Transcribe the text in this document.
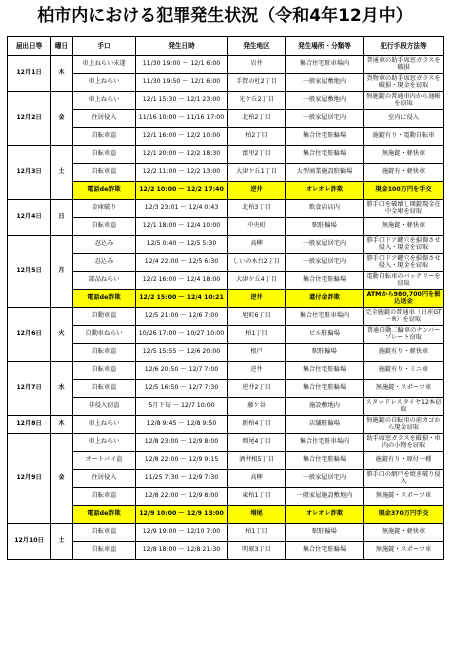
柏市内における犯罪発生状況（令和4年12月中）
届出日等	曜日	手口	発生日時	発生地区	発生場所・分類等	犯行手段方法等
12月1日	木	車上ねらい未遂	11/30 19:00 ～ 12/1 6:00	岩井	集合住宅駐車場内	普通車の助手席窓ガラスを破損

		車上ねらい	11/30 19:50 ～ 12/1 6:00	手賀の杜2丁目	一般家屋敷地内	貨物車の助手席窓ガラスを破損・現金を窃取

12月2日	金	車上ねらい	12/1 15:30 ～ 12/1 23:00	光ケ丘2丁目	一般家屋敷地内	無施錠の普通車内から通帳を窃取

		住居侵入	11/16 10:00 ～ 11/16 17:00	北柏2丁目	一般家屋居宅内	室内に侵入

		自転車盗	12/1 16:00 ～ 12/2 10:00	柏2丁目	集合住宅駐輪場	施錠有り・電動自転車

12月3日	土	自転車盗	12/1 20:00 ～ 12/2 18:30	富里2丁目	集合住宅駐輪場	無施錠・軽快車

		自転車盗	12/2 11:00 ～ 12/2 13:00	大津ケ丘1丁目	大型商業施設駐輪場	施錠有・軽快車

		電話de詐欺	12/2 10:00 ～ 12/2 17:40	逆井	オレオレ詐欺	現金100万円を手交

12月4日	日	金庫破り	12/3 23:01 ～ 12/4 0:43	北柏3丁目	飲食店店内	勝手口を破壊し開錠現金在中金庫を窃取

		自転車盗	12/1 18:00 ～ 12/4 10:00	中央町	駅駐輪場	無施錠・軽快車

12月5日	月	忍込み	12/5 0:40 ～ 12/5 5:30	高柳	一般家屋居宅内	勝手口ドア鍵穴を損傷させ侵入・現金を窃取

		忍込み	12/4 22:00 ～ 12/5 6:30	しいの木台2丁目	一般家屋居宅内	勝手口ドア鍵穴を損傷させ侵入・現金を窃取

		部品ねらい	12/2 16:00 ～ 12/4 18:00	大津ケ丘4丁目	集合住宅駐輪場	電動自転車のバッテリーを窃取

		電話de詐欺	12/2 15:00 ～ 12/4 10:21	逆井	還付金詐欺	ATMから980,700円を振込送金

12月6日	火	自動車盗	12/5 21:00 ～ 12/6 7:00	旭町6丁目	集合住宅駐車場内	完全施錠の普通車（日産GT－R）を窃取

		自動車ねらい	10/26 17:00 ～ 10/27 10:00	柏1丁目	ビル駐輪場	普通自動二輪車のナンバープレート窃取

		自転車盗	12/5 15:55 ～ 12/6 20:00	根戸	駅駐輪場	施錠有り・軽快車

12月7日	水	自転車盗	12/6 20:50 ～ 12/7 7:00	逆井	集合住宅駐輪場	施錠有り・ミニ車

		自転車盗	12/5 16:50 ～ 12/7 7:30	逆井2丁目	集合住宅駐輪場	無施錠・スポーツ車

		非侵入窃盗	5月下旬 ～ 12/7 10:00	藤ケ谷	施設敷地内	スタッドレスタイヤ12本窃取

12月8日	木	車上ねらい	12/8 9:45 ～ 12/8 9:50	新柏4丁目	店舗駐輪場	無施錠の自転車の前カゴから現金窃取

12月9日	金	車上ねらい	12/8 23:00 ～ 12/9 8:00	増尾4丁目	集合住宅駐車場内	助手席窓ガラスを破損・車内の小物を窃取

		オートバイ盗	12/8 22:00 ～ 12/9 9:15	酒井根5丁目	集合住宅駐輪場	施錠有り・原付一種

		住居侵入	11/25 7:30 ～ 12/9 7:30	高柳	一般家屋居宅内	勝手口の網戸を焼き破り侵入

		自転車盗	12/8 22:00 ～ 12/9 8:00	東柏1丁目	一般家屋施設敷地内	無施錠・スポーツ車

		電話de詐欺	12/9 10:00 ～ 12/9 13:00	増尾	オレオレ詐欺	現金370万円手交

12月10日	土	自転車盗	12/9 19:00 ～ 12/10 7:00	柏1丁目	駅駐輪場	無施錠・軽快車

		自転車盗	12/8 18:00 ～ 12/8 21:30	明原3丁目	集合住宅駐輪場	無施錠・スポーツ車
